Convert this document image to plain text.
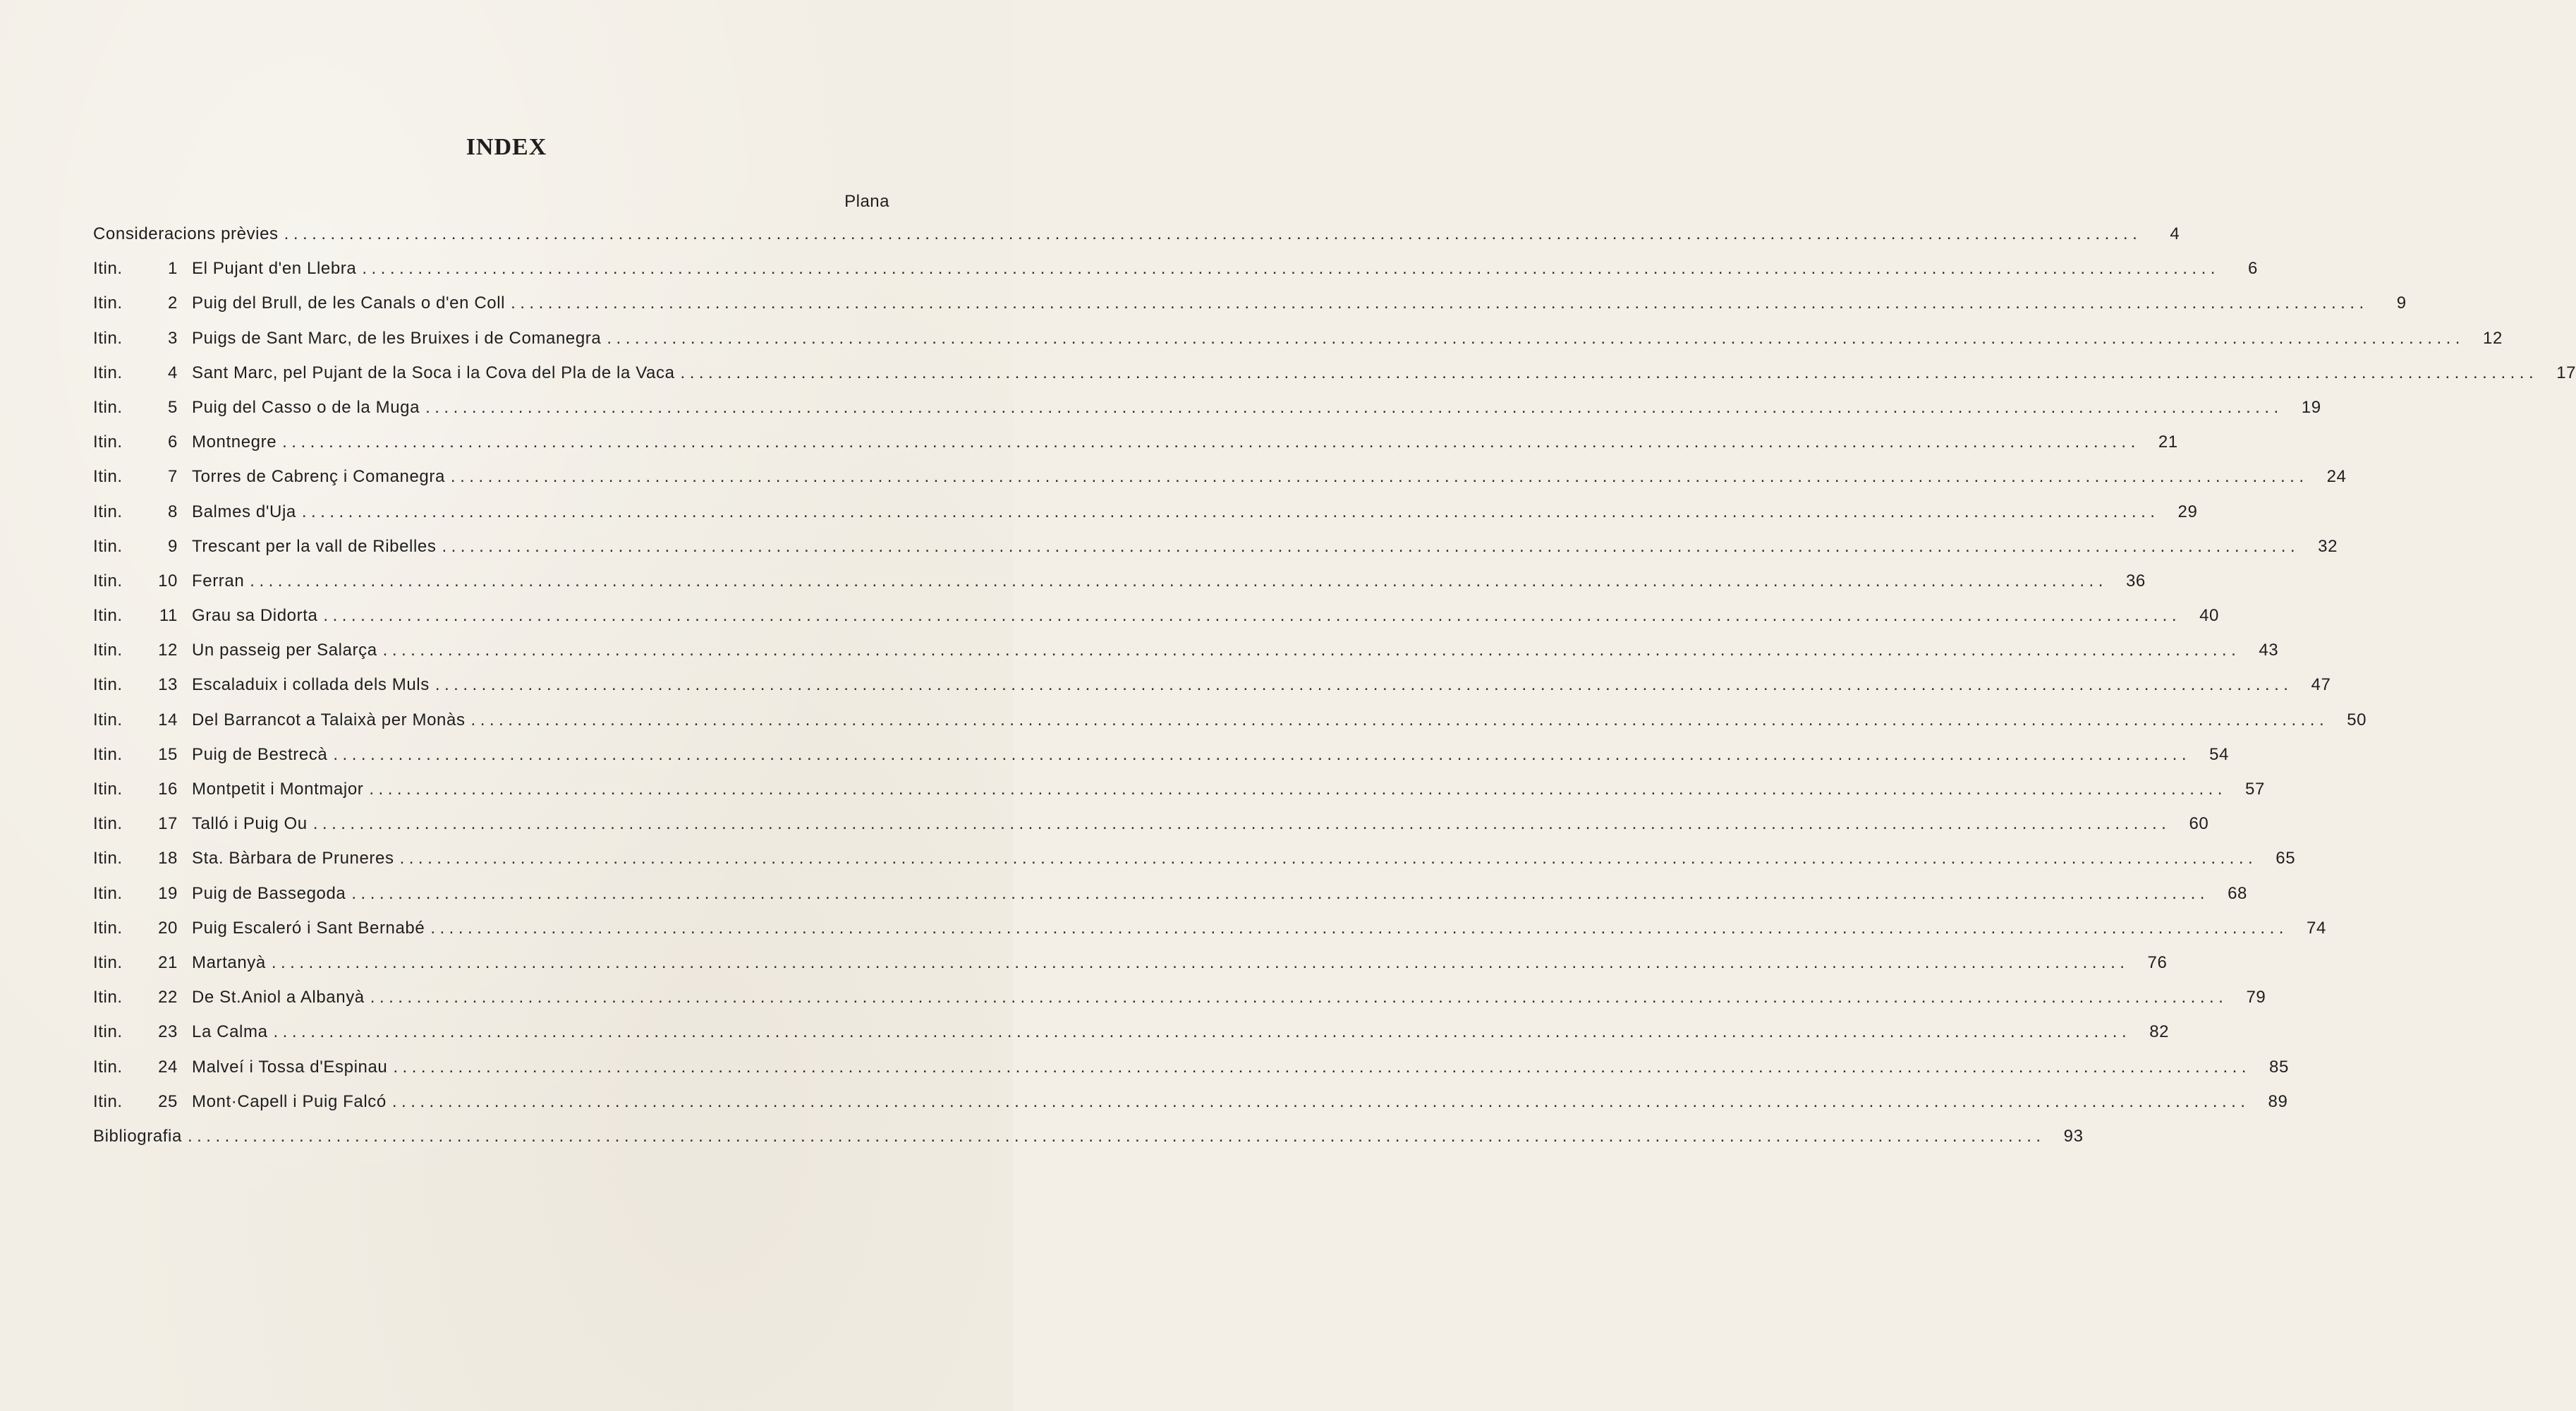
INDEX
Plana
Consideracions prèvies ........................................................................................................................................................................................................	4
Itin.	1 El Pujant d'en Llebra ........................................................................................................................................................................................................	6
Itin.	2 Puig del Brull, de les Canals o d'en Coll ........................................................................................................................................................................................................	9
Itin.	3 Puigs de Sant Marc, de les Bruixes i de Comanegra ........................................................................................................................................................................................................	12
Itin.	4 Sant Marc, pel Pujant de la Soca i la Cova del Pla de la Vaca ........................................................................................................................................................................................................	17
Itin.	5 Puig del Casso o de la Muga ........................................................................................................................................................................................................	19
Itin.	6 Montnegre ........................................................................................................................................................................................................	21
Itin.	7 Torres de Cabrenç i Comanegra ........................................................................................................................................................................................................	24
Itin.	8 Balmes d'Uja ........................................................................................................................................................................................................	29
Itin.	9 Trescant per la vall de Ribelles ........................................................................................................................................................................................................	32
Itin.	10 Ferran ........................................................................................................................................................................................................	36
Itin.	11 Grau sa Didorta ........................................................................................................................................................................................................	40
Itin.	12 Un passeig per Salarça ........................................................................................................................................................................................................	43
Itin.	13 Escaladuix i collada dels Muls ........................................................................................................................................................................................................	47
Itin.	14 Del Barrancot a Talaixà per Monàs ........................................................................................................................................................................................................	50
Itin.	15 Puig de Bestrecà ........................................................................................................................................................................................................	54
Itin.	16 Montpetit i Montmajor ........................................................................................................................................................................................................	57
Itin.	17 Talló i Puig Ou ........................................................................................................................................................................................................	60
Itin.	18 Sta. Bàrbara de Pruneres ........................................................................................................................................................................................................	65
Itin.	19 Puig de Bassegoda ........................................................................................................................................................................................................	68
Itin.	20 Puig Escaleró i Sant Bernabé ........................................................................................................................................................................................................	74
Itin.	21 Martanyà ........................................................................................................................................................................................................	76
Itin.	22 De St.Aniol a Albanyà ........................................................................................................................................................................................................	79
Itin.	23 La Calma ........................................................................................................................................................................................................	82
Itin.	24 Malveí i Tossa d'Espinau ........................................................................................................................................................................................................	85
Itin.	25 Mont·Capell i Puig Falcó ........................................................................................................................................................................................................	89
Bibliografia ........................................................................................................................................................................................................	93
